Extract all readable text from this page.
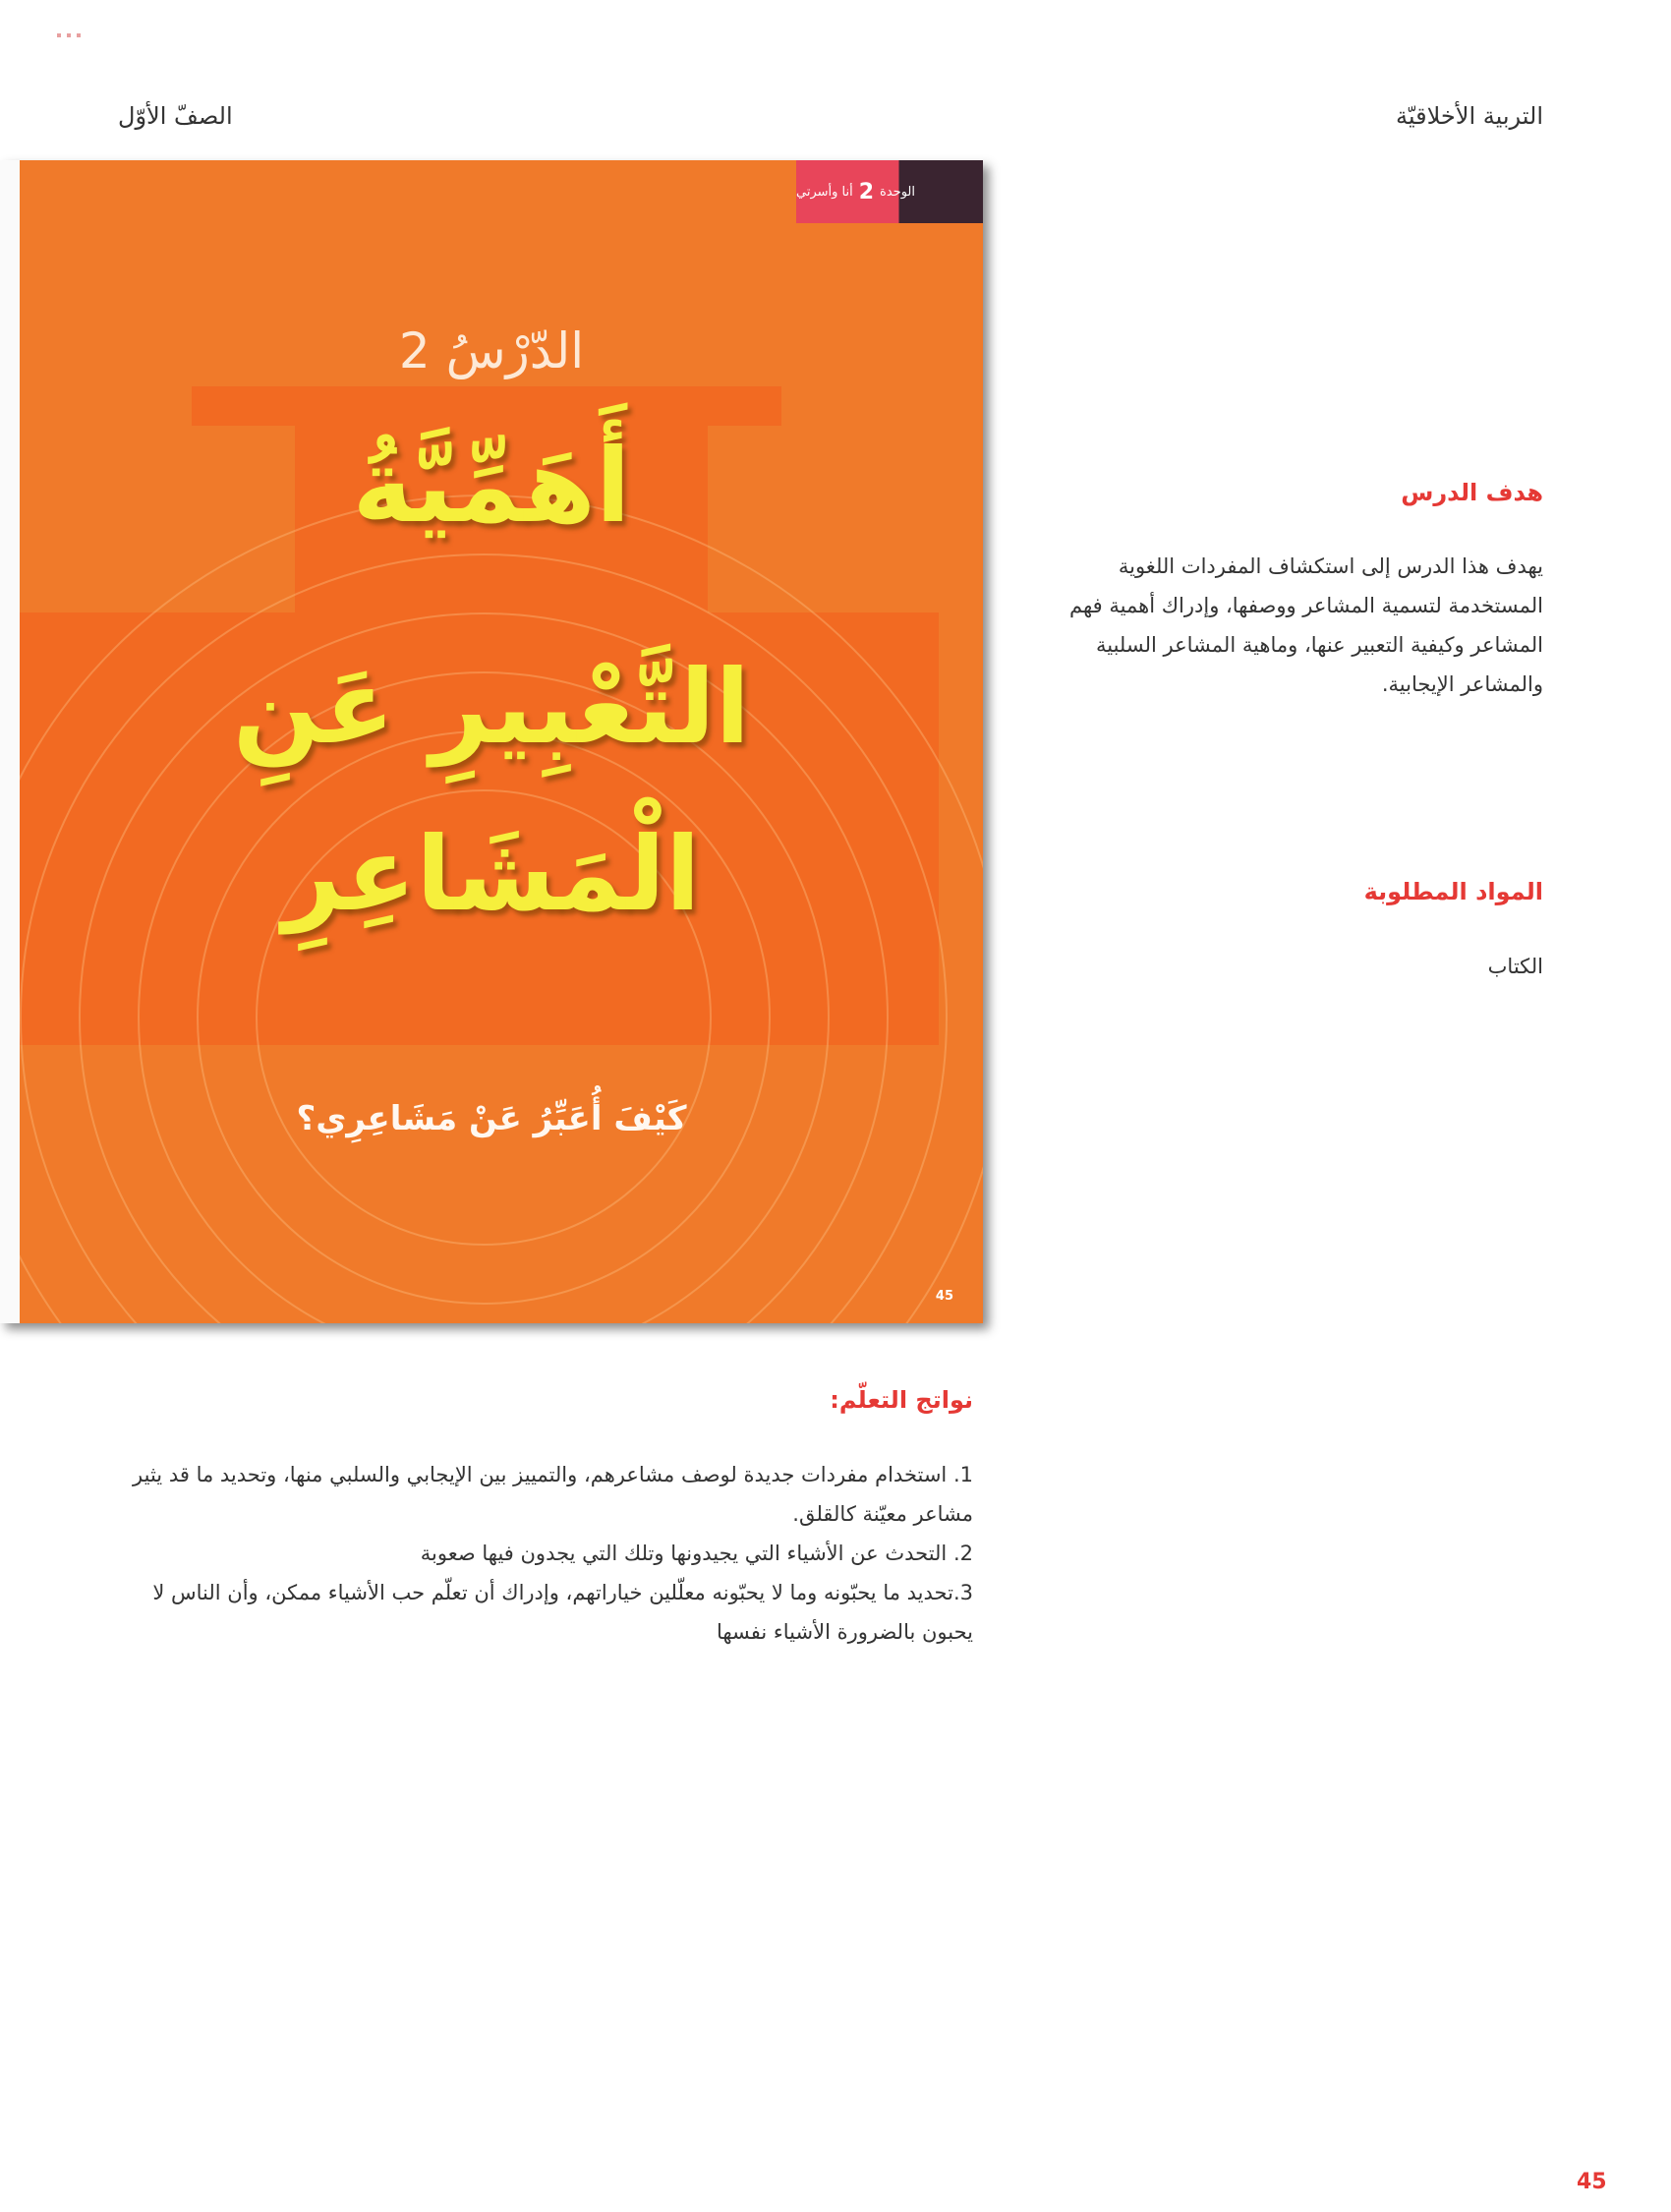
التربية الأخلاقيّة
الصفّ الأوّل
الوحدة
2
أنا وأسرتي
الدّرْسُ 2
أَهَمِّيَّةُ
التَّعْبِيرِ عَنِ
الْمَشَاعِرِ
كَيْفَ أُعَبِّرُ عَنْ مَشَاعِرِي؟
45
هدف الدرس
يهدف هذا الدرس إلى استكشاف المفردات اللغوية المستخدمة لتسمية المشاعر ووصفها، وإدراك أهمية فهم المشاعر وكيفية التعبير عنها، وماهية المشاعر السلبية والمشاعر الإيجابية.
المواد المطلوبة
الكتاب
نواتج التعلّم:
1. استخدام مفردات جديدة لوصف مشاعرهم، والتمييز بين الإيجابي والسلبي منها، وتحديد ما قد يثير مشاعر معيّنة كالقلق.
2. التحدث عن الأشياء التي يجيدونها وتلك التي يجدون فيها صعوبة
3.تحديد ما يحبّونه وما لا يحبّونه معلّلين خياراتهم، وإدراك أن تعلّم حب الأشياء ممكن، وأن الناس لا يحبون بالضرورة الأشياء نفسها
45
